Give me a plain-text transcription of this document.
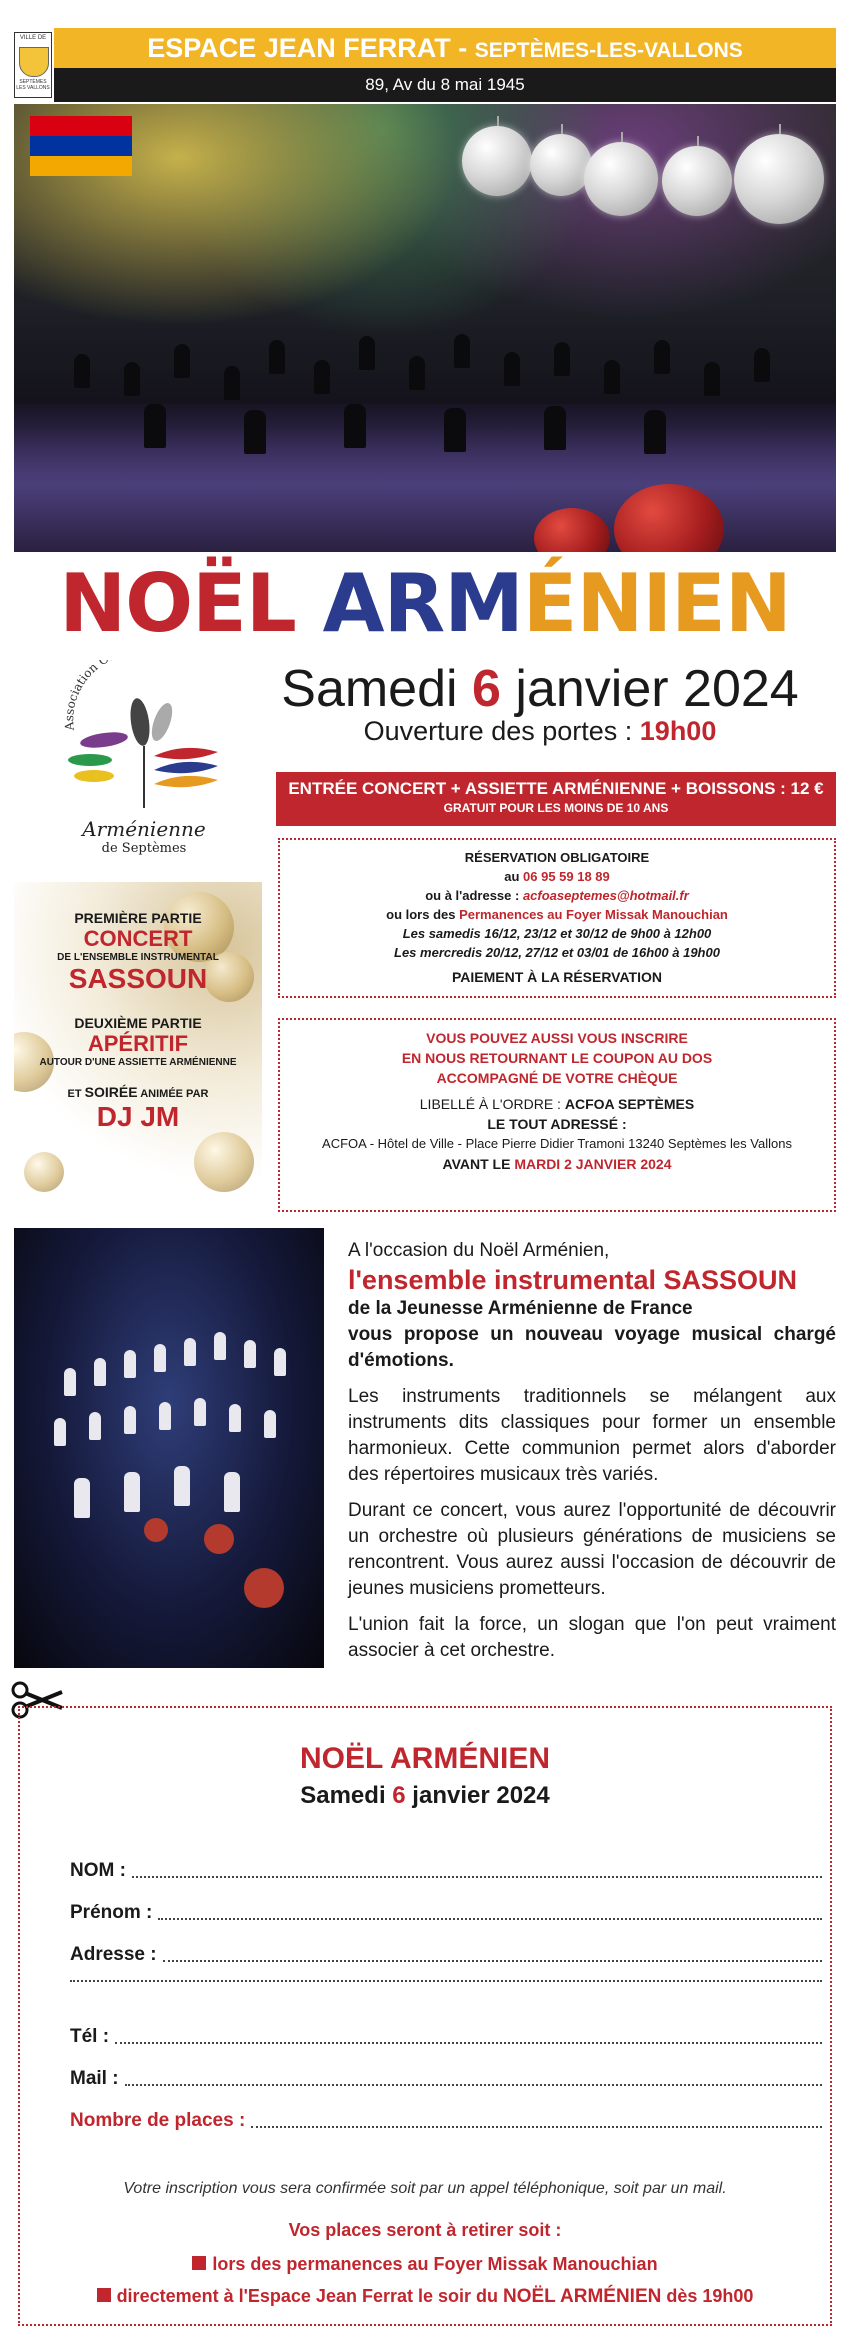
VILLE DE
SEPTÈMES LES VALLONS
ESPACE JEAN FERRAT - SEPTÈMES-LES-VALLONS
89, Av du 8 mai 1945
NOËL ARMÉNIEN
Association
Arménienne
de Septèmes
Samedi 6 janvier 2024
Ouverture des portes : 19h00
ENTRÉE CONCERT + ASSIETTE ARMÉNIENNE + BOISSONS : 12 €
GRATUIT POUR LES MOINS DE 10 ANS
RÉSERVATION OBLIGATOIRE
au 06 95 59 18 89
ou à l'adresse : acfoaseptemes@hotmail.fr
ou lors des Permanences au Foyer Missak Manouchian
Les samedis 16/12, 23/12 et 30/12 de 9h00 à 12h00
Les mercredis 20/12, 27/12 et 03/01 de 16h00 à 19h00
PAIEMENT À LA RÉSERVATION
VOUS POUVEZ AUSSI VOUS INSCRIRE
EN NOUS RETOURNANT LE COUPON AU DOS
ACCOMPAGNÉ DE VOTRE CHÈQUE
LIBELLÉ À L'ORDRE : ACFOA SEPTÈMES
LE TOUT ADRESSÉ :
ACFOA - Hôtel de Ville - Place Pierre Didier Tramoni 13240 Septèmes les Vallons
AVANT LE MARDI 2 JANVIER 2024
PREMIÈRE PARTIE
CONCERT
DE L'ENSEMBLE INSTRUMENTAL
SASSOUN
DEUXIÈME PARTIE
APÉRITIF
AUTOUR D'UNE ASSIETTE ARMÉNIENNE
ET SOIRÉE ANIMÉE PAR
DJ JM
A l'occasion du Noël Arménien,
l'ensemble instrumental SASSOUN
de la Jeunesse Arménienne de France

vous propose un nouveau voyage musical chargé d'émotions.

Les instruments traditionnels se mélangent aux instruments dits classiques pour former un ensemble harmonieux. Cette communion permet alors d'aborder des répertoires musicaux très variés.

Durant ce concert, vous aurez l'opportunité de découvrir un orchestre où plusieurs générations de musiciens se rencontrent. Vous aurez aussi l'occasion de découvrir de jeunes musiciens prometteurs.

L'union fait la force, un slogan que l'on peut vraiment associer à cet orchestre.

NOËL ARMÉNIEN
Samedi 6 janvier 2024
NOM :
Prénom :
Adresse :
Tél :
Mail :
Nombre de places :
Votre inscription vous sera confirmée soit par un appel téléphonique, soit par un mail.
Vos places seront à retirer soit :
lors des permanences au Foyer Missak Manouchian
directement à l'Espace Jean Ferrat le soir du NOËL ARMÉNIEN dès 19h00
